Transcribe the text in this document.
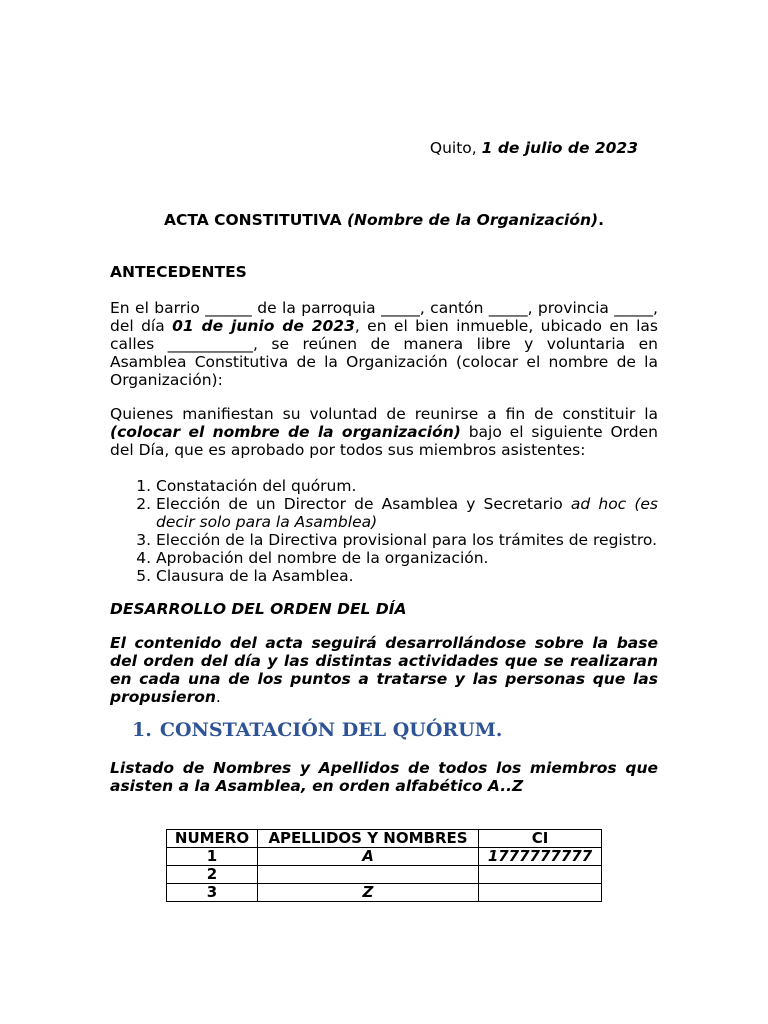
Quito, 1 de julio de 2023
ACTA CONSTITUTIVA (Nombre de la Organización).

ANTECEDENTES

En el barrio ______ de la parroquia _____, cantón _____, provincia _____, del día 01 de junio de 2023, en el bien inmueble, ubicado en las calles ___________, se reúnen de manera libre y voluntaria en Asamblea Constitutiva de la Organización (colocar el nombre de la Organización):

Quienes manifiestan su voluntad de reunirse a fin de constituir la (colocar el nombre de la organización) bajo el siguiente Orden del Día, que es aprobado por todos sus miembros asistentes:

1. Constatación del quórum.
2. Elección de un Director de Asamblea y Secretario ad hoc (es decir solo para la Asamblea)
3. Elección de la Directiva provisional para los trámites de registro.
4. Aprobación del nombre de la organización.
5. Clausura de la Asamblea.

DESARROLLO DEL ORDEN DEL DÍA

El contenido del acta seguirá desarrollándose sobre la base del orden del día y las distintas actividades que se realizaran en cada una de los puntos a tratarse y las personas que las propusieron.

1. CONSTATACIÓN DEL QUÓRUM.

Listado de Nombres y Apellidos de todos los miembros que asisten a la Asamblea, en orden alfabético A..Z

NUMERO	APELLIDOS Y NOMBRES	CI
1	A	1777777777
2		
3	Z	
